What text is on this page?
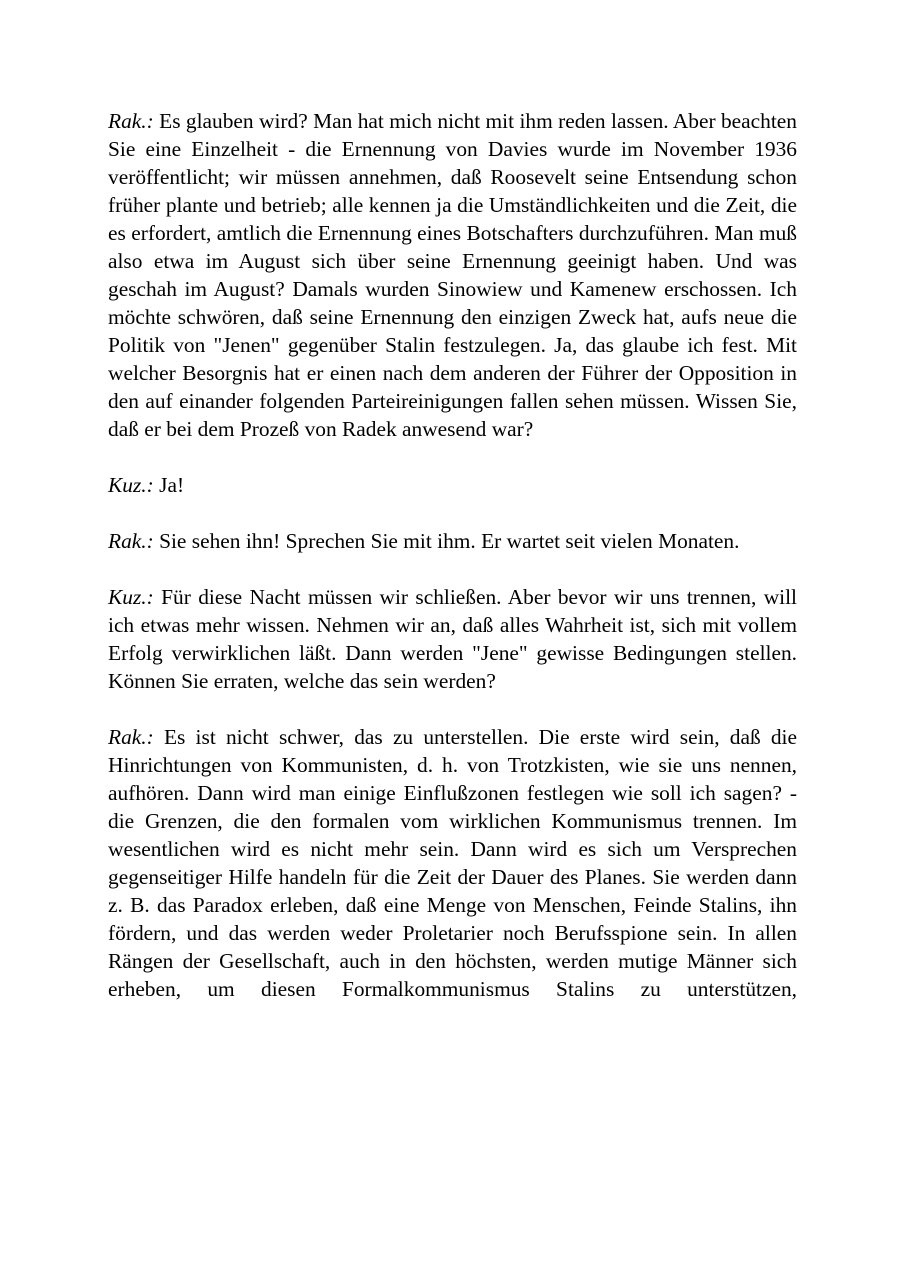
Rak.: Es glauben wird? Man hat mich nicht mit ihm reden lassen. Aber beachten Sie eine Einzelheit - die Ernennung von Davies wurde im November 1936 veröffentlicht; wir müssen annehmen, daß Roosevelt seine Entsendung schon früher plante und betrieb; alle kennen ja die Umständlichkeiten und die Zeit, die es erfordert, amtlich die Ernennung eines Botschafters durchzuführen. Man muß also etwa im August sich über seine Ernennung geeinigt haben. Und was geschah im August? Damals wurden Sinowiew und Kamenew erschossen. Ich möchte schwören, daß seine Ernennung den einzigen Zweck hat, aufs neue die Politik von "Jenen" gegenüber Stalin festzulegen. Ja, das glaube ich fest. Mit welcher Besorgnis hat er einen nach dem anderen der Führer der Opposition in den auf einander folgenden Parteireinigungen fallen sehen müssen. Wissen Sie, daß er bei dem Prozeß von Radek anwesend war?

Kuz.: Ja!

Rak.: Sie sehen ihn! Sprechen Sie mit ihm. Er wartet seit vielen Monaten.

Kuz.: Für diese Nacht müssen wir schließen. Aber bevor wir uns trennen, will ich etwas mehr wissen. Nehmen wir an, daß alles Wahrheit ist, sich mit vollem Erfolg verwirklichen läßt. Dann werden "Jene" gewisse Bedingungen stellen. Können Sie erraten, welche das sein werden?

Rak.: Es ist nicht schwer, das zu unterstellen. Die erste wird sein, daß die Hinrichtungen von Kommunisten, d. h. von Trotzkisten, wie sie uns nennen, aufhören. Dann wird man einige Einflußzonen festlegen wie soll ich sagen? - die Grenzen, die den formalen vom wirklichen Kommunismus trennen. Im wesentlichen wird es nicht mehr sein. Dann wird es sich um Versprechen gegenseitiger Hilfe handeln für die Zeit der Dauer des Planes. Sie werden dann z. B. das Paradox erleben, daß eine Menge von Menschen, Feinde Stalins, ihn fördern, und das werden weder Proletarier noch Berufsspione sein. In allen Rängen der Gesellschaft, auch in den höchsten, werden mutige Männer sich erheben, um diesen Formalkommunismus Stalins zu unterstützen,
